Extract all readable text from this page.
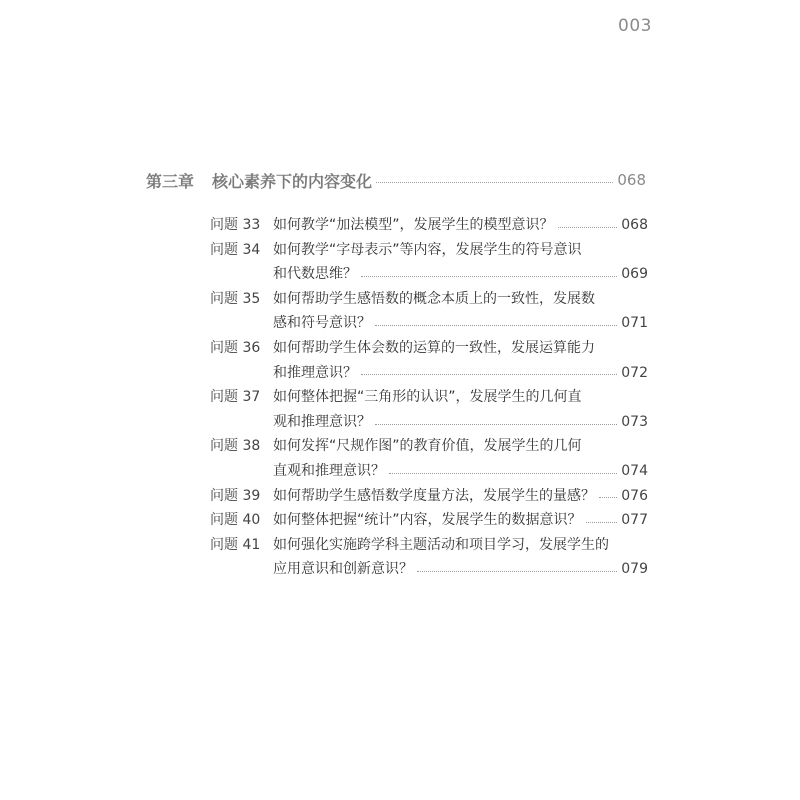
003
第三章	核心素养下的内容变化	068
问题 33 如何教学“加法模型”，发展学生的模型意识？	068
问题 34 如何教学“字母表示”等内容，发展学生的符号意识
和代数思维？	069
问题 35 如何帮助学生感悟数的概念本质上的一致性，发展数
感和符号意识？	071
问题 36 如何帮助学生体会数的运算的一致性，发展运算能力
和推理意识？	072
问题 37 如何整体把握“三角形的认识”，发展学生的几何直
观和推理意识？	073
问题 38 如何发挥“尺规作图”的教育价值，发展学生的几何
直观和推理意识？	074
问题 39 如何帮助学生感悟数学度量方法，发展学生的量感？ 076
问题 40 如何整体把握“统计”内容，发展学生的数据意识？	077
问题 41 如何强化实施跨学科主题活动和项目学习，发展学生的
应用意识和创新意识？	079
